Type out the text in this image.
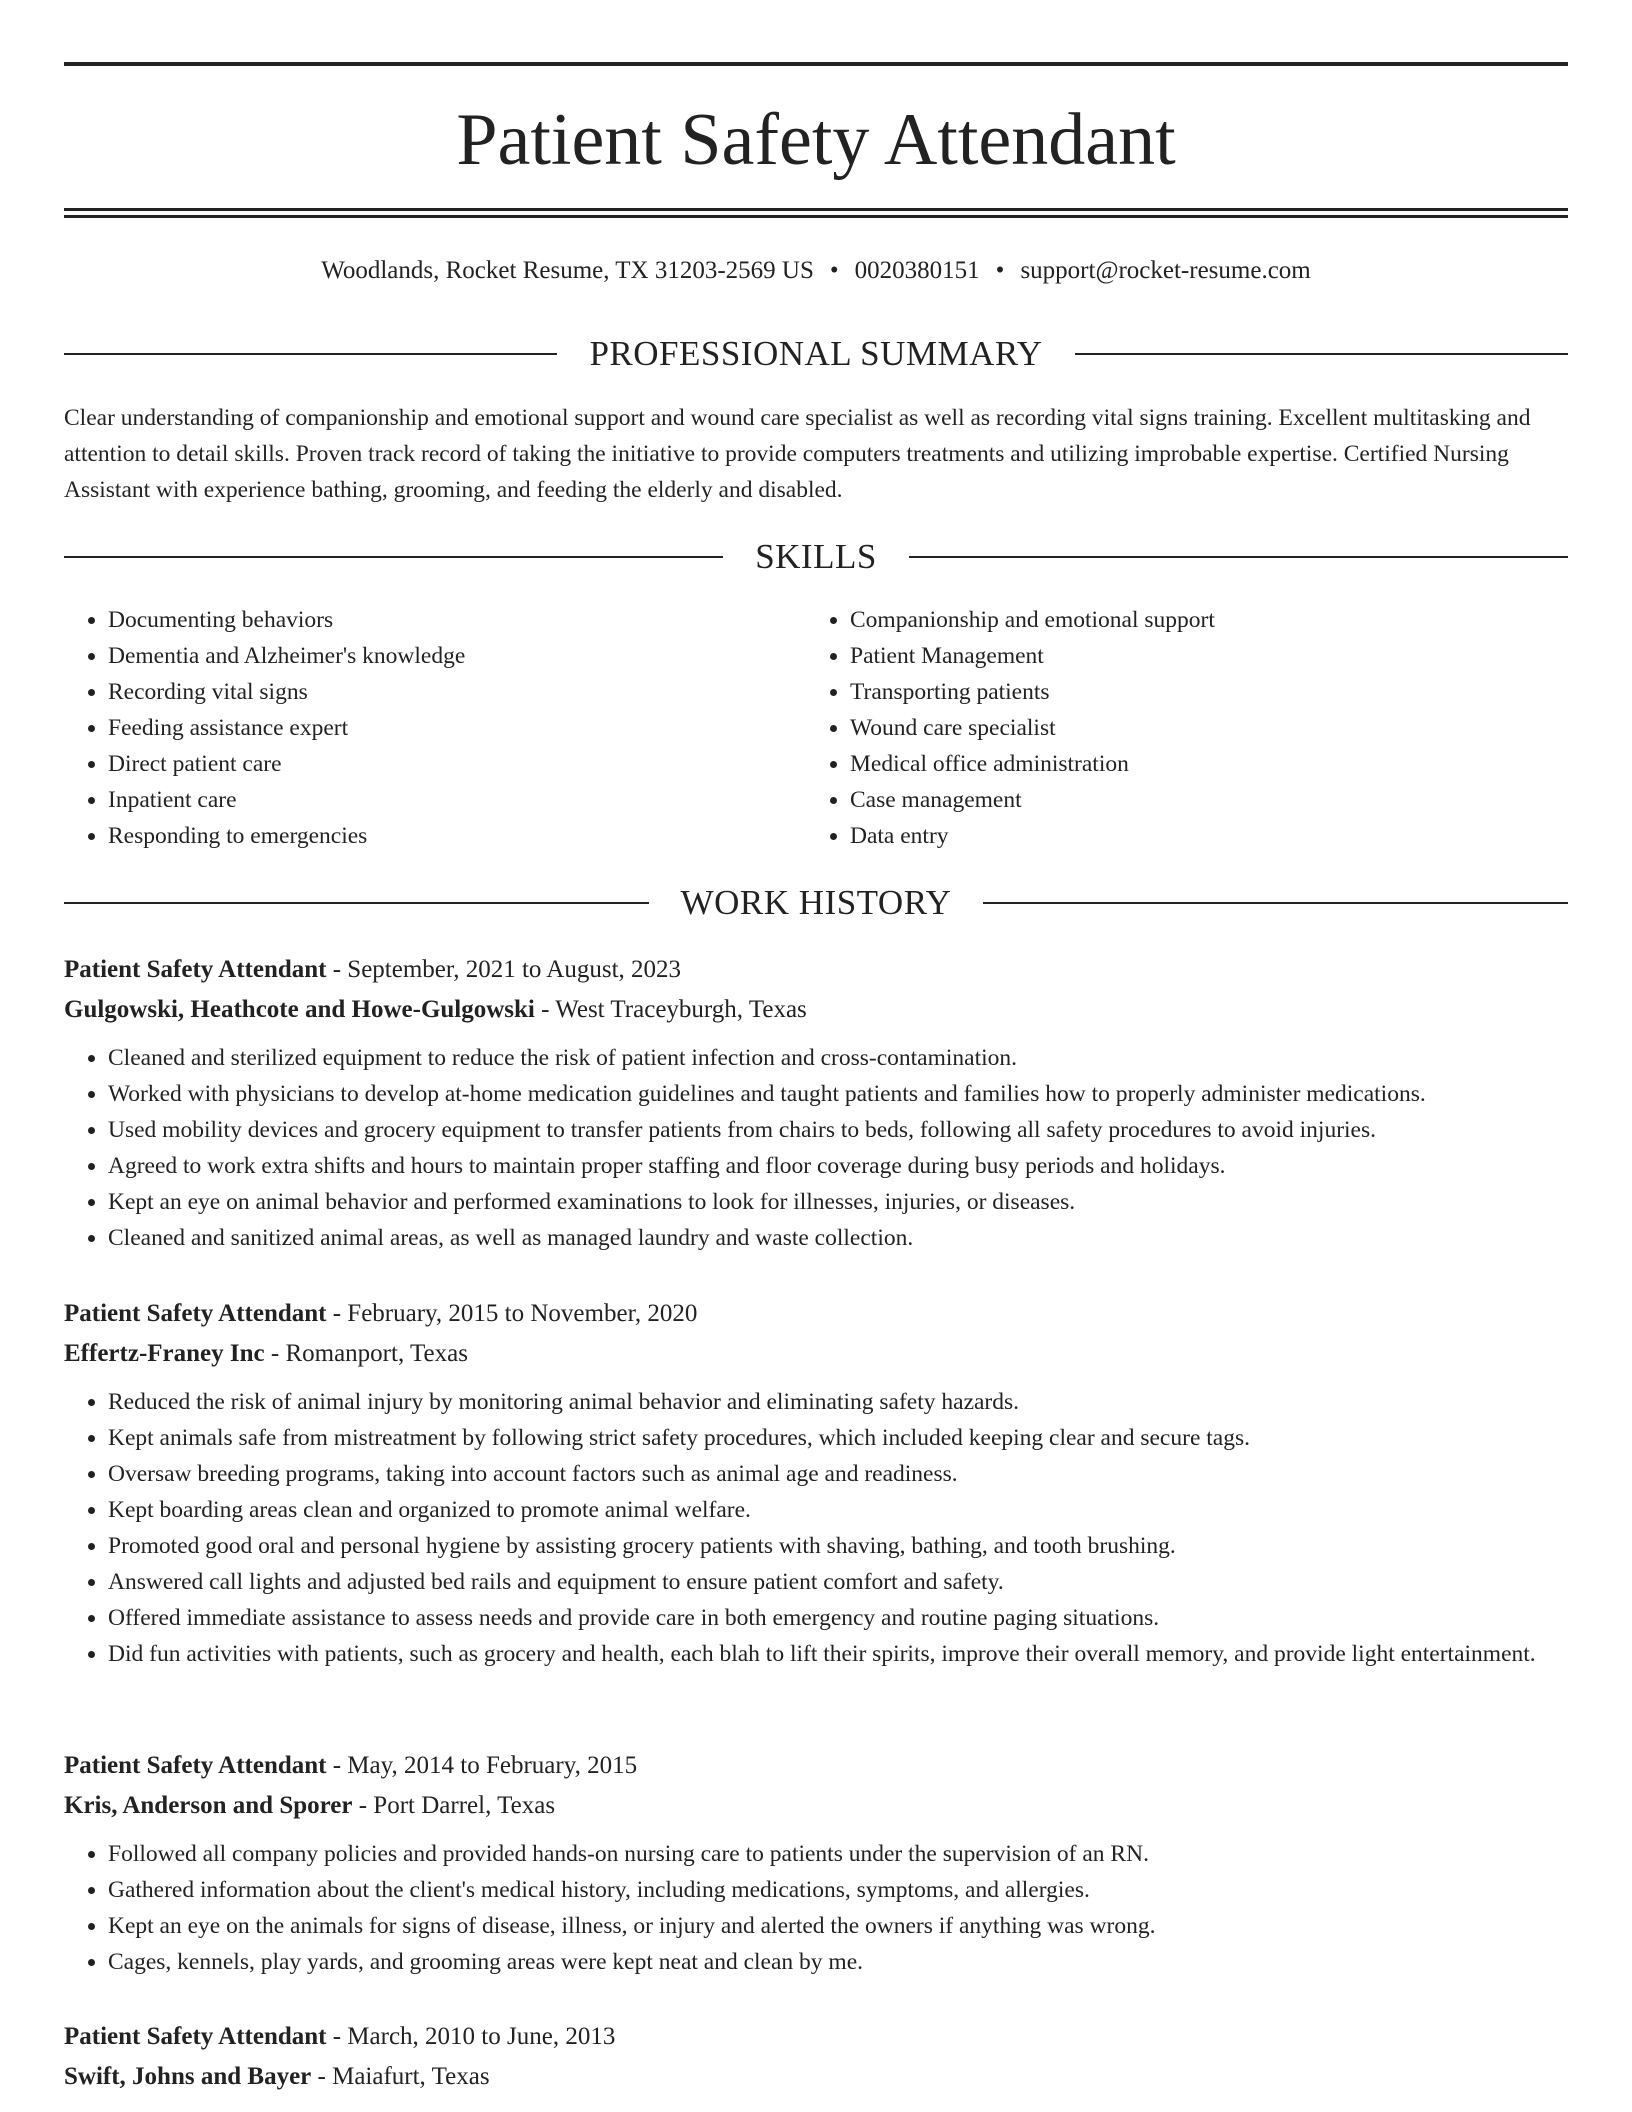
Patient Safety Attendant
Woodlands, Rocket Resume, TX 31203-2569 US • 0020380151 • support@rocket-resume.com
PROFESSIONAL SUMMARY

Clear understanding of companionship and emotional support and wound care specialist as well as recording vital signs training. Excellent multitasking and attention to detail skills. Proven track record of taking the initiative to provide computers treatments and utilizing improbable expertise. Certified Nursing Assistant with experience bathing, grooming, and feeding the elderly and disabled.

SKILLS
• Documenting behaviors
• Dementia and Alzheimer's knowledge
• Recording vital signs
• Feeding assistance expert
• Direct patient care
• Inpatient care
• Responding to emergencies
• Companionship and emotional support
• Patient Management
• Transporting patients
• Wound care specialist
• Medical office administration
• Case management
• Data entry
WORK HISTORY
Patient Safety Attendant - September, 2021 to August, 2023
Gulgowski, Heathcote and Howe-Gulgowski - West Traceyburgh, Texas
• Cleaned and sterilized equipment to reduce the risk of patient infection and cross-contamination.
• Worked with physicians to develop at-home medication guidelines and taught patients and families how to properly administer medications.
• Used mobility devices and grocery equipment to transfer patients from chairs to beds, following all safety procedures to avoid injuries.
• Agreed to work extra shifts and hours to maintain proper staffing and floor coverage during busy periods and holidays.
• Kept an eye on animal behavior and performed examinations to look for illnesses, injuries, or diseases.
• Cleaned and sanitized animal areas, as well as managed laundry and waste collection.
Patient Safety Attendant - February, 2015 to November, 2020
Effertz-Franey Inc - Romanport, Texas
• Reduced the risk of animal injury by monitoring animal behavior and eliminating safety hazards.
• Kept animals safe from mistreatment by following strict safety procedures, which included keeping clear and secure tags.
• Oversaw breeding programs, taking into account factors such as animal age and readiness.
• Kept boarding areas clean and organized to promote animal welfare.
• Promoted good oral and personal hygiene by assisting grocery patients with shaving, bathing, and tooth brushing.
• Answered call lights and adjusted bed rails and equipment to ensure patient comfort and safety.
• Offered immediate assistance to assess needs and provide care in both emergency and routine paging situations.
• Did fun activities with patients, such as grocery and health, each blah to lift their spirits, improve their overall memory, and provide light entertainment.
Patient Safety Attendant - May, 2014 to February, 2015
Kris, Anderson and Sporer - Port Darrel, Texas
• Followed all company policies and provided hands-on nursing care to patients under the supervision of an RN.
• Gathered information about the client's medical history, including medications, symptoms, and allergies.
• Kept an eye on the animals for signs of disease, illness, or injury and alerted the owners if anything was wrong.
• Cages, kennels, play yards, and grooming areas were kept neat and clean by me.
Patient Safety Attendant - March, 2010 to June, 2013
Swift, Johns and Bayer - Maiafurt, Texas
